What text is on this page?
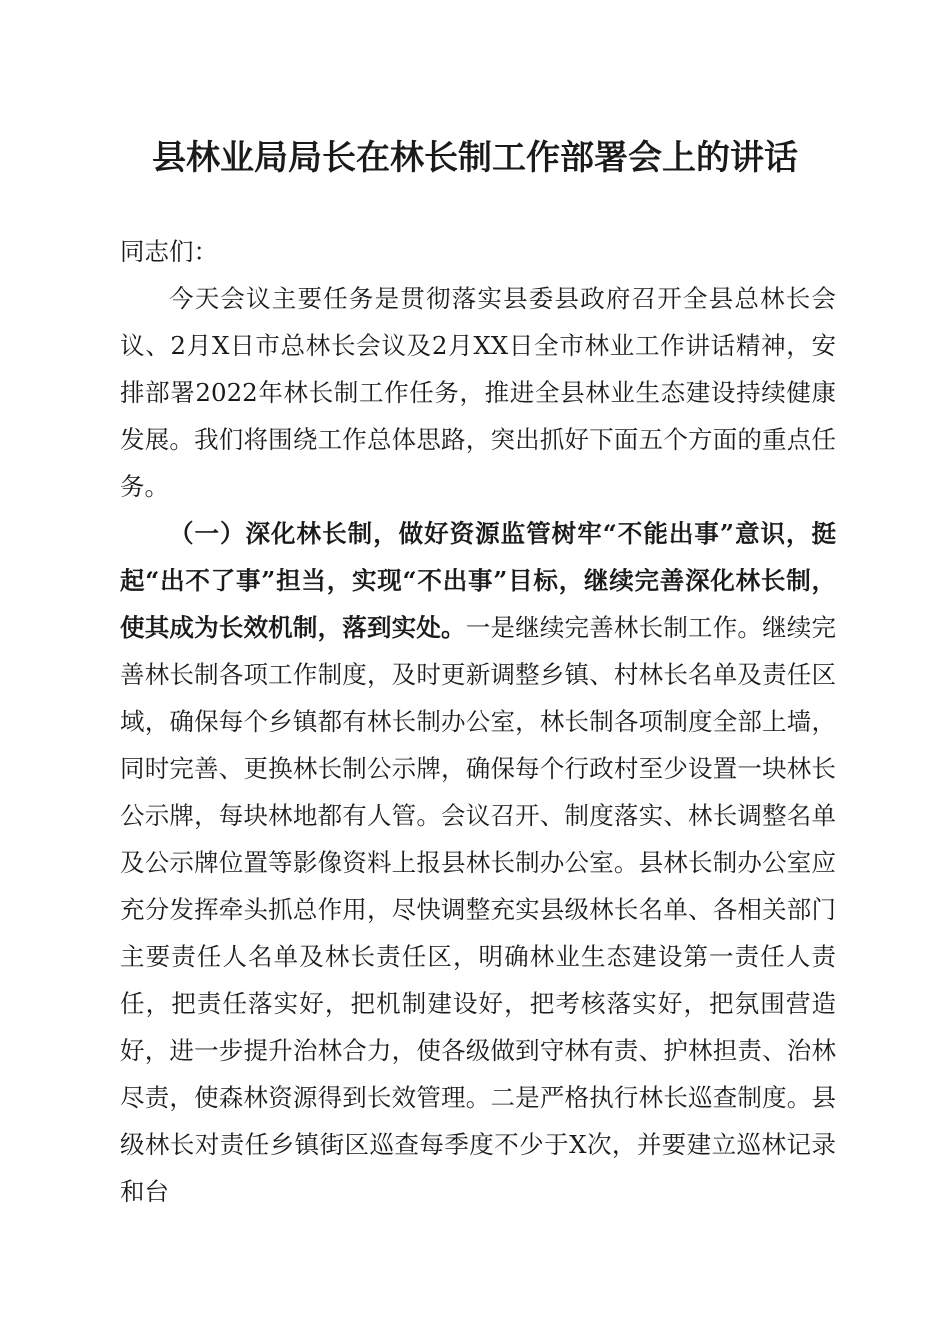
县林业局局长在林长制工作部署会上的讲话

同志们：

今天会议主要任务是贯彻落实县委县政府召开全县总林长会议、2月X日市总林长会议及2月XX日全市林业工作讲话精神，安排部署2022年林长制工作任务，推进全县林业生态建设持续健康发展。我们将围绕工作总体思路，突出抓好下面五个方面的重点任务。

（一）深化林长制，做好资源监管树牢“不能出事”意识，挺起“出不了事”担当，实现“不出事”目标，继续完善深化林长制，使其成为长效机制，落到实处。一是继续完善林长制工作。继续完善林长制各项工作制度，及时更新调整乡镇、村林长名单及责任区域，确保每个乡镇都有林长制办公室，林长制各项制度全部上墙，同时完善、更换林长制公示牌，确保每个行政村至少设置一块林长公示牌，每块林地都有人管。会议召开、制度落实、林长调整名单及公示牌位置等影像资料上报县林长制办公室。县林长制办公室应充分发挥牵头抓总作用，尽快调整充实县级林长名单、各相关部门主要责任人名单及林长责任区，明确林业生态建设第一责任人责任，把责任落实好，把机制建设好，把考核落实好，把氛围营造好，进一步提升治林合力，使各级做到守林有责、护林担责、治林尽责，使森林资源得到长效管理。二是严格执行林长巡查制度。县级林长对责任乡镇街区巡查每季度不少于X次，并要建立巡林记录和台
